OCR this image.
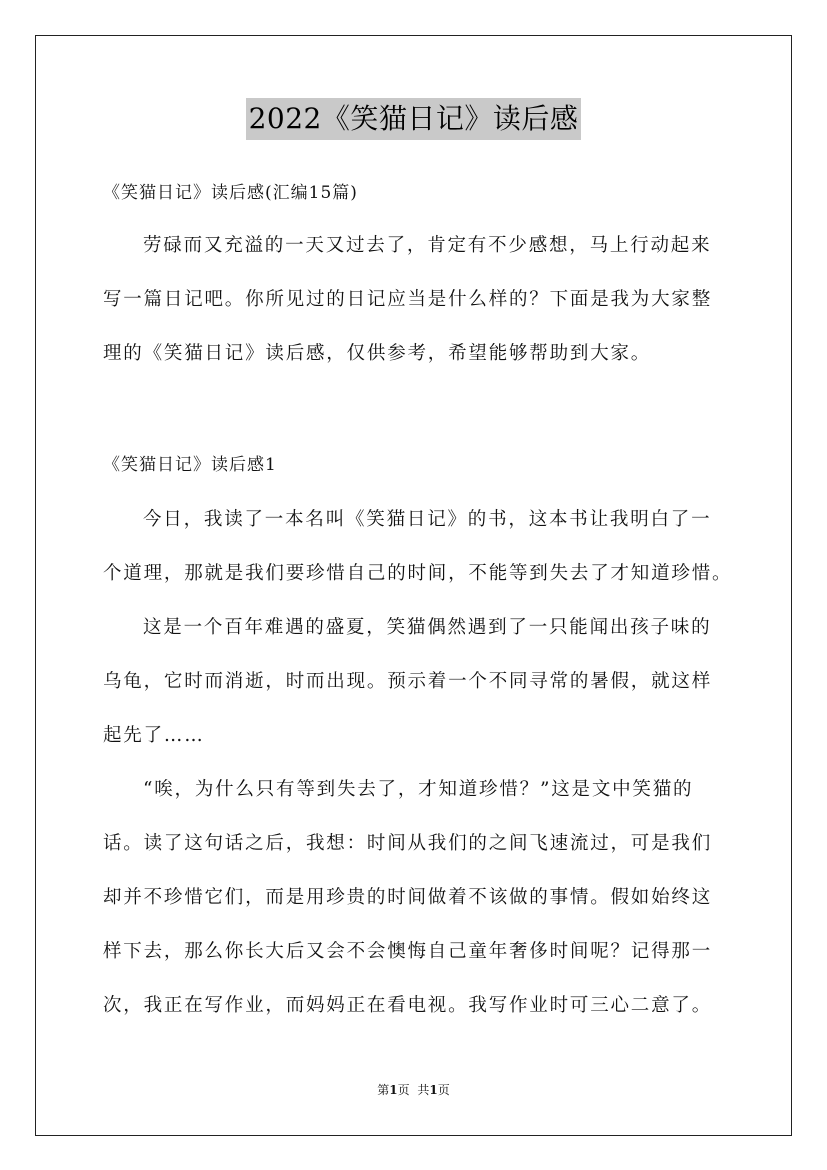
2022《笑猫日记》读后感
《笑猫日记》读后感(汇编15篇)
劳碌而又充溢的一天又过去了，肯定有不少感想，马上行动起来
写一篇日记吧。你所见过的日记应当是什么样的？下面是我为大家整
理的《笑猫日记》读后感，仅供参考，希望能够帮助到大家。
《笑猫日记》读后感1
今日，我读了一本名叫《笑猫日记》的书，这本书让我明白了一
个道理，那就是我们要珍惜自己的时间，不能等到失去了才知道珍惜。
这是一个百年难遇的盛夏，笑猫偶然遇到了一只能闻出孩子味的
乌龟，它时而消逝，时而出现。预示着一个不同寻常的暑假，就这样
起先了……
“唉，为什么只有等到失去了，才知道珍惜？”这是文中笑猫的
话。读了这句话之后，我想：时间从我们的之间飞速流过，可是我们
却并不珍惜它们，而是用珍贵的时间做着不该做的事情。假如始终这
样下去，那么你长大后又会不会懊悔自己童年奢侈时间呢？记得那一
次，我正在写作业，而妈妈正在看电视。我写作业时可三心二意了。
第1页 共1页
